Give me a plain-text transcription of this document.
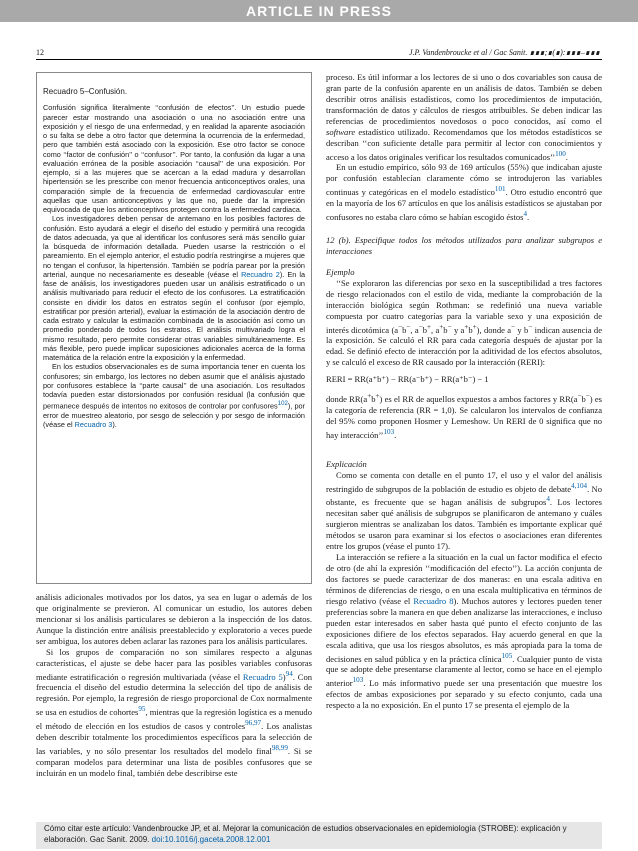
ARTICLE IN PRESS
12	J.P. Vandenbroucke et al / Gac Sanit. ∎∎∎;∎(∎):∎∎∎–∎∎∎

Recuadro 5–Confusión.

Confusión significa literalmente ‘‘confusión de efectos’’. Un estudio puede parecer estar mostrando una asociación o una no asociación entre una exposición y el riesgo de una enfermedad, y en realidad la aparente asociación o su falta se debe a otro factor que determina la ocurrencia de la enfermedad, pero que también está asociado con la exposición. Ese otro factor se conoce como ‘‘factor de confusión’’ o ‘‘confusor’’. Por tanto, la confusión da lugar a una evaluación errónea de la posible asociación ‘‘causal’’ de una exposición. Por ejemplo, si a las mujeres que se acercan a la edad madura y desarrollan hipertensión se les prescribe con menor frecuencia anticonceptivos orales, una comparación simple de la frecuencia de enfermedad cardiovascular entre aquellas que usan anticonceptivos y las que no, puede dar la impresión equivocada de que los anticonceptivos protegen contra la enfermedad cardiaca.

Los investigadores deben pensar de antemano en los posibles factores de confusión. Esto ayudará a elegir el diseño del estudio y permitirá una recogida de datos adecuada, ya que al identificar los confusores será más sencillo guiar la búsqueda de información detallada. Pueden usarse la restricción o el pareamiento. En el ejemplo anterior, el estudio podría restringirse a mujeres que no tengan el confusor, la hipertensión. También se podría parear por la presión arterial, aunque no necesariamente es deseable (véase el Recuadro 2). En la fase de análisis, los investigadores pueden usar un análisis estratificado o un análisis multivariado para reducir el efecto de los confusores. La estratificación consiste en dividir los datos en estratos según el confusor (por ejemplo, estratificar por presión arterial), evaluar la estimación de la asociación dentro de cada estrato y calcular la estimación combinada de la asociación así como un promedio ponderado de todos los estratos. El análisis multivariado logra el mismo resultado, pero permite considerar otras variables simultáneamente. Es más flexible, pero puede implicar suposiciones adicionales acerca de la forma matemática de la relación entre la exposición y la enfermedad.

En los estudios observacionales es de suma importancia tener en cuenta los confusores; sin embargo, los lectores no deben asumir que el análisis ajustado por confusores establece la ‘‘parte causal’’ de una asociación. Los resultados todavía pueden estar distorsionados por confusión residual (la confusión que permanece después de intentos no exitosos de controlar por confusores$^{102}$), por error de muestreo aleatorio, por sesgo de selección y por sesgo de información (véase el Recuadro 3).

análisis adicionales motivados por los datos, ya sea en lugar o además de los que originalmente se previeron. Al comunicar un estudio, los autores deben mencionar si los análisis particulares se debieron a la inspección de los datos. Aunque la distinción entre análisis preestablecido y exploratorio a veces puede ser ambigua, los autores deben aclarar las razones para los análisis particulares.

Si los grupos de comparación no son similares respecto a algunas características, el ajuste se debe hacer para las posibles variables confusoras mediante estratificación o regresión multivariada (véase el Recuadro 5)$^{94}$. Con frecuencia el diseño del estudio determina la selección del tipo de análisis de regresión. Por ejemplo, la regresión de riesgo proporcional de Cox normalmente se usa en estudios de cohortes$^{95}$, mientras que la regresión logística es a menudo el método de elección en los estudios de casos y controles$^{96,97}$. Los analistas deben describir totalmente los procedimientos específicos para la selección de las variables, y no sólo presentar los resultados del modelo final$^{98,99}$. Si se comparan modelos para determinar una lista de posibles confusores que se incluirán en un modelo final, también debe describirse este

proceso. Es útil informar a los lectores de si uno o dos covariables son causa de gran parte de la confusión aparente en un análisis de datos. También se deben describir otros análisis estadísticos, como los procedimientos de imputación, transformación de datos y cálculos de riesgos atribuibles. Se deben indicar las referencias de procedimientos novedosos o poco conocidos, así como el software estadístico utilizado. Recomendamos que los métodos estadísticos se describan ‘‘con suficiente detalle para permitir al lector con conocimientos y acceso a los datos originales verificar los resultados comunicados’’$^{100}$.

En un estudio empírico, sólo 93 de 169 artículos (55%) que indicaban ajuste por confusión establecían claramente cómo se introdujeron las variables continuas y categóricas en el modelo estadístico$^{101}$. Otro estudio encontró que en la mayoría de los 67 artículos en que los análisis estadísticos se ajustaban por confusores no estaba claro cómo se habían escogido éstos$^4$.

12 (b). Especifique todos los métodos utilizados para analizar subgrupos e interacciones

Ejemplo

‘‘Se exploraron las diferencias por sexo en la susceptibilidad a tres factores de riesgo relacionados con el estilo de vida, mediante la comprobación de la interacción biológica según Rothman: se redefinió una nueva variable compuesta por cuatro categorías para la variable sexo y una exposición de interés dicotómica (a−b−, a−b+, a+b− y a+b+), donde a− y b− indican ausencia de la exposición. Se calculó el RR para cada categoría después de ajustar por la edad. Se definió efecto de interacción por la aditividad de los efectos absolutos, y se calculó el exceso de RR causado por la interacción (RERI):

RERI = RR(a⁺b⁺) − RR(a⁻b⁺) − RR(a⁺b⁻) − 1

donde RR(a+b+) es el RR de aquellos expuestos a ambos factores y RR(a−b−) es la categoría de referencia (RR = 1,0). Se calcularon los intervalos de confianza del 95% como proponen Hosmer y Lemeshow. Un RERI de 0 significa que no hay interacción’’$^{103}$.

Explicación

Como se comenta con detalle en el punto 17, el uso y el valor del análisis restringido de subgrupos de la población de estudio es objeto de debate$^{4,104}$. No obstante, es frecuente que se hagan análisis de subgrupos$^4$. Los lectores necesitan saber qué análisis de subgrupos se planificaron de antemano y cuáles surgieron mientras se analizaban los datos. También es importante explicar qué métodos se usaron para examinar si los efectos o asociaciones eran diferentes entre los grupos (véase el punto 17).

La interacción se refiere a la situación en la cual un factor modifica el efecto de otro (de ahí la expresión ‘‘modificación del efecto’’). La acción conjunta de dos factores se puede caracterizar de dos maneras: en una escala aditiva en términos de diferencias de riesgo, o en una escala multiplicativa en términos de riesgo relativo (véase el Recuadro 8). Muchos autores y lectores pueden tener preferencias sobre la manera en que deben analizarse las interacciones, e incluso pueden estar interesados en saber hasta qué punto el efecto conjunto de las exposiciones difiere de los efectos separados. Hay acuerdo general en que la escala aditiva, que usa los riesgos absolutos, es más apropiada para la toma de decisiones en salud pública y en la práctica clínica$^{105}$. Cualquier punto de vista que se adopte debe presentarse claramente al lector, como se hace en el ejemplo anterior$^{103}$. Lo más informativo puede ser una presentación que muestre los efectos de ambas exposiciones por separado y su efecto conjunto, cada una respecto a la no exposición. En el punto 17 se presenta el ejemplo de la

Cómo citar este artículo: Vandenbroucke JP, et al. Mejorar la comunicación de estudios observacionales en epidemiología (STROBE): explicación y elaboración. Gac Sanit. 2009. doi:10.1016/j.gaceta.2008.12.001
